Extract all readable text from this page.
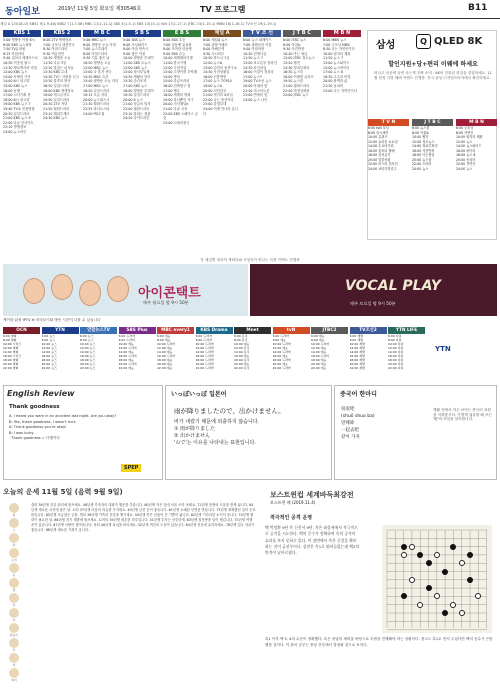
동아일보	2019년 11월 5일 화요일 제30546호	TV 프로그램	B11
채널 A 1/3/18-15 KBS1 9(1-9-48) KBS2 7(1-7-58) MBC 11(1-11-1) SBS 5(1-5-1) EBS 13(10-1) tvN 17(1-17-1) JTBC 15(1-15-1) MBN 16(1-16-1) TV조선 19(1-19-1)
KBS 1
5:00 생방송 아침 6시
6:00 KBS 뉴스광장
7:50 TV유치원
8:25 아침마당
9:40 걸어서 세계속으로
10:30 이웃집 찰스
11:30 생로병사의 비밀
12:00 KBS 뉴스
13:00 사랑의 가족
14:00 6시 내고향
15:00 KBS 뉴스
16:00 동행
17:00 시사기획 창
18:00 6시 내고향
19:00 KBS 뉴스 7
19:40 TV쇼 진품명품
20:30 일일드라마
21:00 KBS 뉴스 9
22:00 다큐 인사이트
23:10 생생정보
24:00 뉴스라인
KBS 2
6:00 2TV 생생정보
7:00 굿모닝 대한민국
8:30 아침드라마
9:30 여유만만
10:30 생방송 오늘
11:30 다큐 3일
12:30 맛있는 녀석들
13:30 KBS 무대
14:30 TV는 사랑을 싣고
15:30 불후의 명곡
16:50 일일드라마
18:00 KBS 생생정보
19:00 개그콘서트
19:50 일일드라마
20:30 2TV 저녁
21:50 월화드라마
23:10 해피투게더
24:30 KBS 뉴스
M B C
5:00 MBC 뉴스
6:00 생방송 오늘 아침
7:00 뉴스투데이
8:00 아침드라마
9:30 기분 좋은 날
10:50 생방송 오늘
12:00 MBC 뉴스
13:00 나 혼자 산다
14:30 MBC 특선
15:40 생방송 오늘 저녁
17:00 MBC 뉴스
18:20 일일드라마
19:15 오늘 저녁
20:00 뉴스데스크
21:30 월화드라마
22:55 라디오스타
24:00 PD수첩
S B S
5:00 SBS 뉴스
6:00 모닝와이드
8:00 아침 연속극
9:00 좋은 아침
10:00 생방송 투데이
11:00 SBS 오뉴스
12:00 SBS 뉴스
13:00 집사부일체
14:30 생활의 달인
15:30 순간포착
17:00 SBS 뉴스
18:00 생방송 투데이
19:30 일일드라마
20:00 8 뉴스
21:00 정글의 법칙
22:00 월화드라마
23:10 불타는 청춘
24:20 나이트라인
E B S
6:00 EBS 초등
7:00 딩동댕 유치원
8:00 모여라 딩동댕
9:00 EBS 수능
10:00 세계테마기행
11:00 한국기행
12:00 극한직업
13:00 고양이를 부탁해
14:00 명의
15:00 다큐프라임
16:00 건축탐구 집
17:00 펭수
18:00 세계의 명화
19:00 하나뿐인 지구
20:00 지식채널e
21:00 다큐 시선
22:00 EBS 스페이스 공감
23:00 시네마천국
채널 A
6:00 채널A 뉴스
7:00 관찰카메라
8:00 아빠본색
9:30 도시어부
10:50 하트시그널
12:00 뉴스A
13:00 김진의 돌직구쇼
14:30 사건상황실
16:00 신통방통
17:00 뉴스 TOP10
19:00 뉴스A
20:00 서민갑부
21:00 먹거리 X파일
22:00 나는 몸신이다
23:00 강철부대
24:00 이제 만나러 갑니다
T V 조 선
6:00 뉴스 퍼레이드
7:00 광화문의 아침
9:00 아침마당
10:30 인생다큐
11:50 뉴스 7
13:00 보도본부 핫라인
14:30 사건파일
16:00 이것이 정치다
17:00 뉴스7
19:00 TV조선 뉴스
20:00 아내의 맛
21:40 미스터트롯
23:00 연애의 맛
24:00 뉴스 나인
J T B C
6:00 JTBC 뉴스
8:00 아침&
9:30 사건반장
10:40 아는 형님
12:00 JTBC 정오뉴스
13:20 썰전
14:30 정치부회의
16:30 뉴스룸
18:00 이태원 클라쓰
19:50 뉴스룸
21:00 월화드라마
22:40 비정상회담
24:00 JTBC 뉴스
M B N
6:00 MBN 뉴스
7:00 굿모닝 MBN
8:30 나는 자연인이다
10:00 엄지의 제왕
11:50 뉴스 7
13:00 뉴스와이드
15:00 뉴스파이터
17:00 뉴스 8
18:30 고수의 비법
20:00 완벽한 삶
21:30 동치미
23:00 나는 자연인이다
삼성	Q QLED 8K
할인지원+당+편리 이웨에 하세요
화나고 마음에 들면 사는게 진짜 소비 - 8K의 진화된 화질을 경험하세요. 11월 한정 특별 혜택 이벤트 진행중. 전국 삼성 디지털프라자에서 확인하세요.
T V N
6:00 tvN 모닝
8:00 삼시세끼
10:00 유퀴즈
12:00 놀라운 토요일
14:00 수요미식회
16:00 꽃보다 할배
18:00 신서유기
20:00 알쓸신잡
22:00 미스터 션샤인
24:00 코미디빅리그
J T B C
6:00 뉴스룸
8:00 아침&
10:00 썰전
12:00 정오뉴스
14:00 정치부회의
16:00 사건반장
18:00 아는형님
20:00 뉴스룸
22:00 드라마
24:00 뉴스
M B N
6:00 굿모닝
8:00 자연인
10:00 엄지의 제왕
12:00 뉴스
14:00 뉴스와이드
16:00 파이터
18:00 뉴스 8
20:00 동치미
22:00 자연인
24:00 뉴스
각 채널별 대표적 캐릭터와 시청자가 만나는 특별 이벤트 진행중
아이콘택트
매주 월요일 밤 9시 50분
VOCAL PLAY
매주 토요일 밤 9시 50분
케이블·위성·IPTV ※ 미리보기와 방송 시간이 다를 수 있습니다
OCN
6:00 영화
8:00 영화
10:00 시리즈
12:00 영화
14:00 영화
16:00 시리즈
18:00 영화
20:00 영화
22:00 영화
YTN
6:00 뉴스
8:00 뉴스
10:00 뉴스
12:00 뉴스
14:00 뉴스
16:00 뉴스
18:00 뉴스
20:00 뉴스
22:00 뉴스
연합뉴스TV
6:00 뉴스
8:00 뉴스
10:00 뉴스
12:00 뉴스
14:00 뉴스
16:00 뉴스
18:00 뉴스
20:00 뉴스
22:00 뉴스
SBS Plus
6:00 드라마
8:00 드라마
10:00 예능
12:00 드라마
14:00 예능
16:00 드라마
18:00 예능
20:00 드라마
22:00 예능
MBC every1
6:00 예능
8:00 예능
10:00 드라마
12:00 예능
14:00 예능
16:00 드라마
18:00 예능
20:00 예능
22:00 예능
KBS Drama
6:00 드라마
8:00 드라마
10:00 드라마
12:00 드라마
14:00 드라마
16:00 드라마
18:00 드라마
20:00 드라마
22:00 드라마
Mnet
6:00 뮤직
8:00 뮤직
10:00 예능
12:00 뮤직
14:00 뮤직
16:00 예능
18:00 뮤직
20:00 예능
22:00 뮤직
tvN
6:00 드라마
8:00 예능
10:00 드라마
12:00 예능
14:00 드라마
16:00 예능
18:00 드라마
20:00 예능
22:00 드라마
JTBC2
6:00 예능
8:00 예능
10:00 드라마
12:00 예능
14:00 예능
16:00 드라마
18:00 예능
20:00 예능
22:00 예능
TV조선2
6:00 재방
8:00 재방
10:00 재방
12:00 재방
14:00 재방
16:00 재방
18:00 재방
20:00 재방
22:00 재방
YTN LIFE
6:00 다큐
8:00 다큐
10:00 다큐
12:00 다큐
14:00 다큐
16:00 다큐
18:00 다큐
20:00 다큐
22:00 다큐
YTN
English Review
Thank goodness
A: I heard you were in an accident last night. Are you okay?
B: Yes, thank goodness. I wasn't hurt.
A: Thank goodness you're okay!
B: I was lucky.
· Thank goodness = 다행이다
SPEP
いっぽいっぽ 일본어
雨が降りましたので、出かけません。
비가 내렸기 때문에 외출하지 않습니다.
① 雨が降りました
② 出かけません
'ので'는 이유를 나타내는 표현입니다.
중국어 한마디
说说吧
(shuō shuo ba)
말해봐
一起去吧
같이 가자
생활 속에서 자주 쓰이는 중국어 표현을 익혀봅시다. 가볍게 권유할 때 쓰는 '吧'의 쓰임을 알아봅니다.
오늘의 운세 11월 5일 (음력 9월 9일)
쥐
소
범
토끼
용
뱀
말
양
원숭이
닭
개
돼지
쥐띠 36년생 건강 관리에 힘쓰세요. 48년생 가족과의 대화가 행운을 부릅니다. 60년생 작은 일에 마음 쓰지 마세요. 72년생 뜻밖의 도움을 받게 됩니다. 84년생 새로운 시작에 좋은 날. 소띠 37년생 마음의 여유를 가지세요. 49년생 금전 운이 좋습니다. 61년생 오래된 인연을 만납니다. 73년생 계획했던 일이 순조롭습니다. 85년생 조급함은 금물. 범띠 38년생 가족의 건강을 챙기세요. 50년생 작은 선물이 큰 기쁨이 됩니다. 62년생 기다리던 소식이 옵니다. 74년생 협력이 필요한 날. 86년생 자기 계발에 힘쓰세요. 토끼띠 39년생 평온한 하루입니다. 51년생 투자는 신중하게. 63년생 칭찬받을 일이 생깁니다. 75년생 여행 운이 있습니다. 87년생 사랑이 찾아옵니다. 용띠 40년생 욕심을 버리세요. 52년생 귀인의 도움이 있습니다. 64년생 건강에 유의하세요. 76년생 업무 성과가 좋습니다. 88년생 새로운 기회가 옵니다.
보스트윈컵 세계바둑최강전
보스트윈 배 (2019.11.4)
적극적인 공격 운영
백 박정환 9단 흑 신진서 9단. 흑은 좌상귀에서 적극적으로 공격을 시도한다. 백의 응수가 정확하여 흑의 공격이 효과를 보지 못하고 있다. 이 장면에서 흑은 중앙을 확보하는 것이 급선무이다. 실전은 흑1로 뛰어들었는데 백2의 반격이 날카로웠다.
흑1 이후 백 2, 4의 수순이 정확했다. 흑은 중앙의 세력을 바탕으로 우변을 견제해야 하는 상황이다. 참고도 흑1로 먼저 두었다면 백의 응수가 곤란했을 것이다. 이 판의 승부는 중앙 전투에서 결정될 것으로 보인다.
